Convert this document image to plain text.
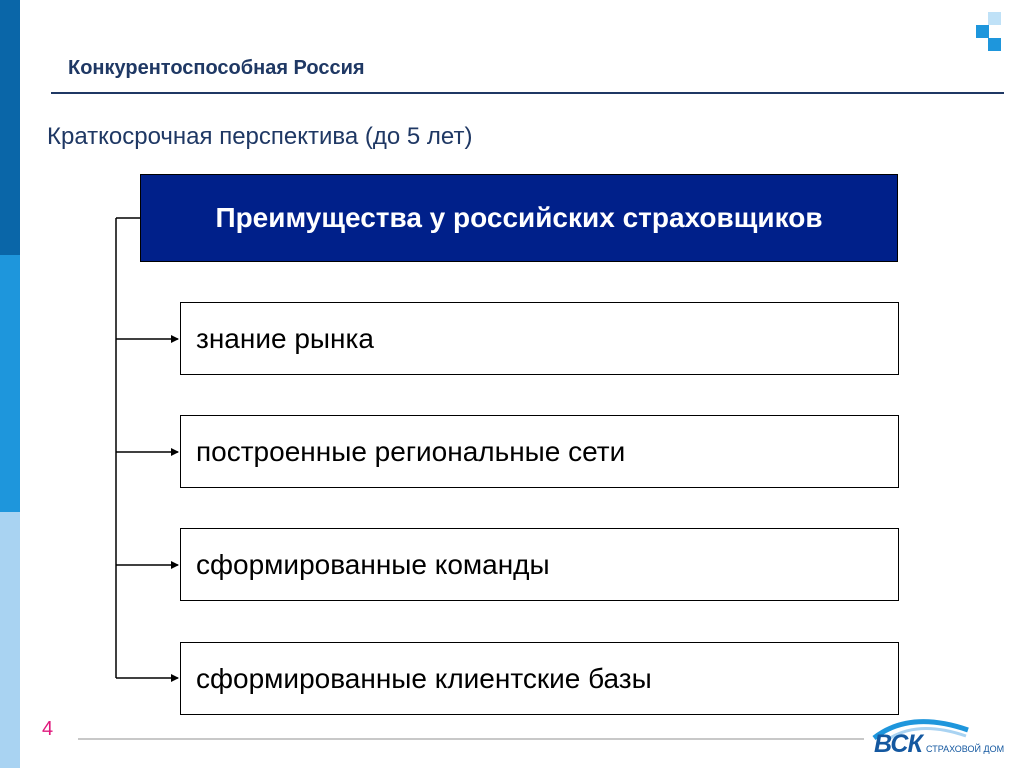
Конкурентоспособная Россия
Краткосрочная перспектива (до 5 лет)
Преимущества у российских страховщиков
знание рынка
построенные региональные сети
сформированные команды
сформированные клиентские базы
4
ВСК СТРАХОВОЙ ДОМ
